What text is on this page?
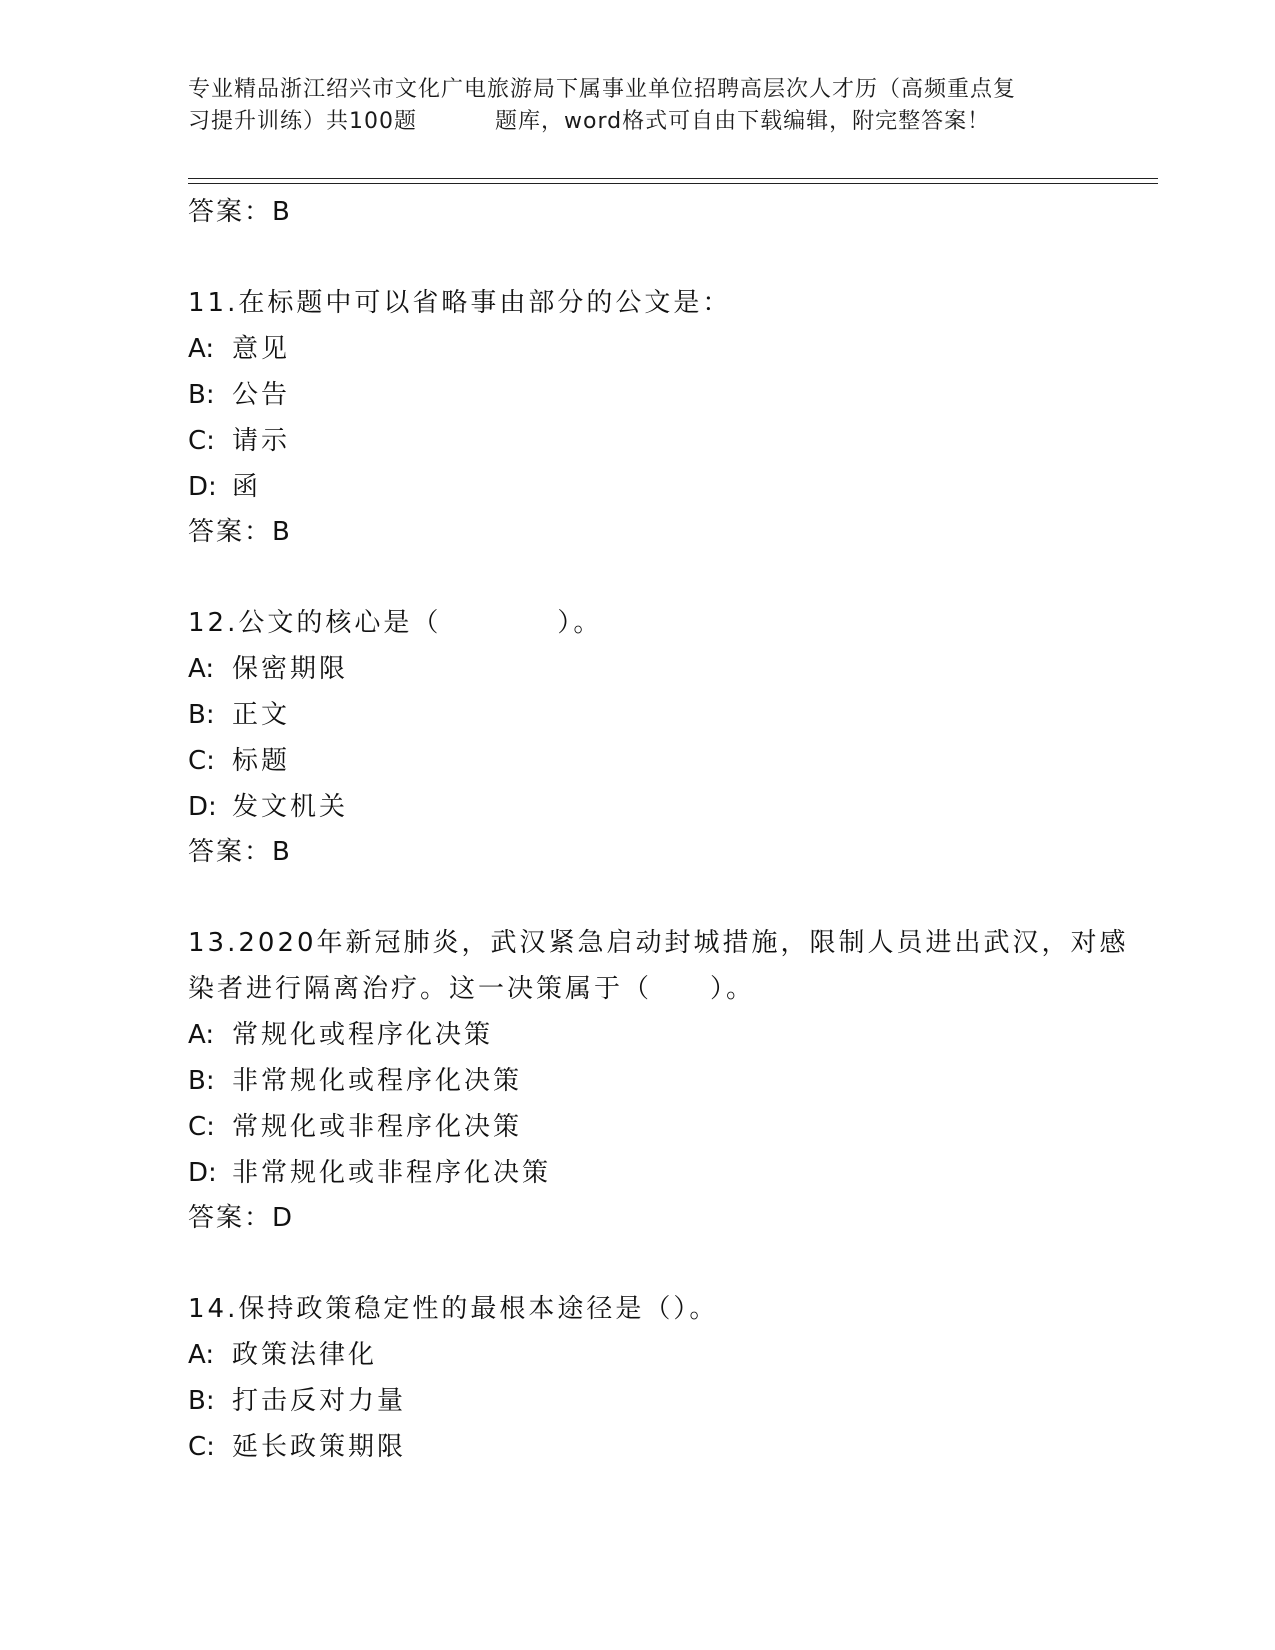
专业精品浙江绍兴市文化广电旅游局下属事业单位招聘高层次人才历（高频重点复
习提升训练）共100题	题库，word格式可自由下载编辑，附完整答案！
答案：B
11.在标题中可以省略事由部分的公文是：
A: 意见
B: 公告
C: 请示
D: 函
答案：B
12.公文的核心是（　　　　）。
A: 保密期限
B: 正文
C: 标题
D: 发文机关
答案：B
13.2020年新冠肺炎，武汉紧急启动封城措施，限制人员进出武汉，对感染者进行隔离治疗。这一决策属于（　　）。
A: 常规化或程序化决策
B: 非常规化或程序化决策
C: 常规化或非程序化决策
D: 非常规化或非程序化决策
答案：D
14.保持政策稳定性的最根本途径是（）。
A: 政策法律化
B: 打击反对力量
C: 延长政策期限
